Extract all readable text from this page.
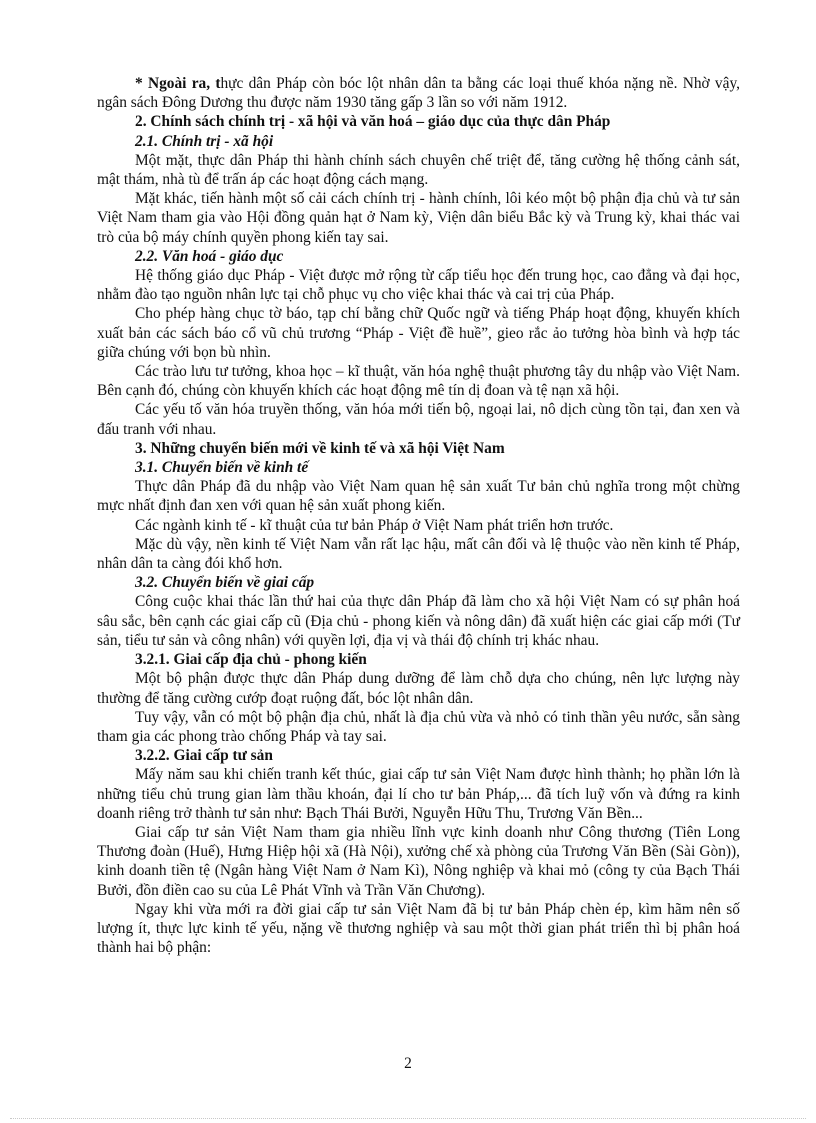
* Ngoài ra, thực dân Pháp còn bóc lột nhân dân ta bằng các loại thuế khóa nặng nề. Nhờ vậy, ngân sách Đông Dương thu được năm 1930 tăng gấp 3 lần so với năm 1912.

2. Chính sách chính trị - xã hội và văn hoá – giáo dục của thực dân Pháp
2.1. Chính trị - xã hội

Một mặt, thực dân Pháp thi hành chính sách chuyên chế triệt để, tăng cường hệ thống cảnh sát, mật thám, nhà tù để trấn áp các hoạt động cách mạng.

Mặt khác, tiến hành một số cải cách chính trị - hành chính, lôi kéo một bộ phận địa chủ và tư sản Việt Nam tham gia vào Hội đồng quản hạt ở Nam kỳ, Viện dân biểu Bắc kỳ và Trung kỳ, khai thác vai trò của bộ máy chính quyền phong kiến tay sai.

2.2. Văn hoá - giáo dục

Hệ thống giáo dục Pháp - Việt được mở rộng từ cấp tiểu học đến trung học, cao đẳng và đại học, nhằm đào tạo nguồn nhân lực tại chỗ phục vụ cho việc khai thác và cai trị của Pháp.

Cho phép hàng chục tờ báo, tạp chí bằng chữ Quốc ngữ và tiếng Pháp hoạt động, khuyến khích xuất bản các sách báo cổ vũ chủ trương “Pháp - Việt đề huề”, gieo rắc ảo tưởng hòa bình và hợp tác giữa chúng với bọn bù nhìn.

Các trào lưu tư tưởng, khoa học – kĩ thuật, văn hóa nghệ thuật phương tây du nhập vào Việt Nam. Bên cạnh đó, chúng còn khuyến khích các hoạt động mê tín dị đoan và tệ nạn xã hội.

Các yếu tố văn hóa truyền thống, văn hóa mới tiến bộ, ngoại lai, nô dịch cùng tồn tại, đan xen và đấu tranh với nhau.

3. Những chuyển biến mới về kinh tế và xã hội Việt Nam
3.1. Chuyển biến về kinh tế

Thực dân Pháp đã du nhập vào Việt Nam quan hệ sản xuất Tư bản chủ nghĩa trong một chừng mực nhất định đan xen với quan hệ sản xuất phong kiến.

Các ngành kinh tế - kĩ thuật của tư bản Pháp ở Việt Nam phát triển hơn trước.

Mặc dù vậy, nền kinh tế Việt Nam vẫn rất lạc hậu, mất cân đối và lệ thuộc vào nền kinh tế Pháp, nhân dân ta càng đói khổ hơn.

3.2. Chuyển biến về giai cấp

Công cuộc khai thác lần thứ hai của thực dân Pháp đã làm cho xã hội Việt Nam có sự phân hoá sâu sắc, bên cạnh các giai cấp cũ (Địa chủ - phong kiến và nông dân) đã xuất hiện các giai cấp mới (Tư sản, tiểu tư sản và công nhân) với quyền lợi, địa vị và thái độ chính trị khác nhau.

3.2.1. Giai cấp địa chủ - phong kiến

Một bộ phận được thực dân Pháp dung dưỡng để làm chỗ dựa cho chúng, nên lực lượng này thường để tăng cường cướp đoạt ruộng đất, bóc lột nhân dân.

Tuy vậy, vẫn có một bộ phận địa chủ, nhất là địa chủ vừa và nhỏ có tinh thần yêu nước, sẵn sàng tham gia các phong trào chống Pháp và tay sai.

3.2.2. Giai cấp tư sản

Mấy năm sau khi chiến tranh kết thúc, giai cấp tư sản Việt Nam được hình thành; họ phần lớn là những tiểu chủ trung gian làm thầu khoán, đại lí cho tư bản Pháp,... đã tích luỹ vốn và đứng ra kinh doanh riêng trở thành tư sản như: Bạch Thái Bưởi, Nguyễn Hữu Thu, Trương Văn Bền...

Giai cấp tư sản Việt Nam tham gia nhiều lĩnh vực kinh doanh như Công thương (Tiên Long Thương đoàn (Huế), Hưng Hiệp hội xã (Hà Nội), xưởng chế xà phòng của Trương Văn Bền (Sài Gòn)), kinh doanh tiền tệ (Ngân hàng Việt Nam ở Nam Kì), Nông nghiệp và khai mỏ (công ty của Bạch Thái Bưởi, đồn điền cao su của Lê Phát Vĩnh và Trần Văn Chương).

Ngay khi vừa mới ra đời giai cấp tư sản Việt Nam đã bị tư bản Pháp chèn ép, kìm hãm nên số lượng ít, thực lực kinh tế yếu, nặng về thương nghiệp và sau một thời gian phát triển thì bị phân hoá thành hai bộ phận:

2
